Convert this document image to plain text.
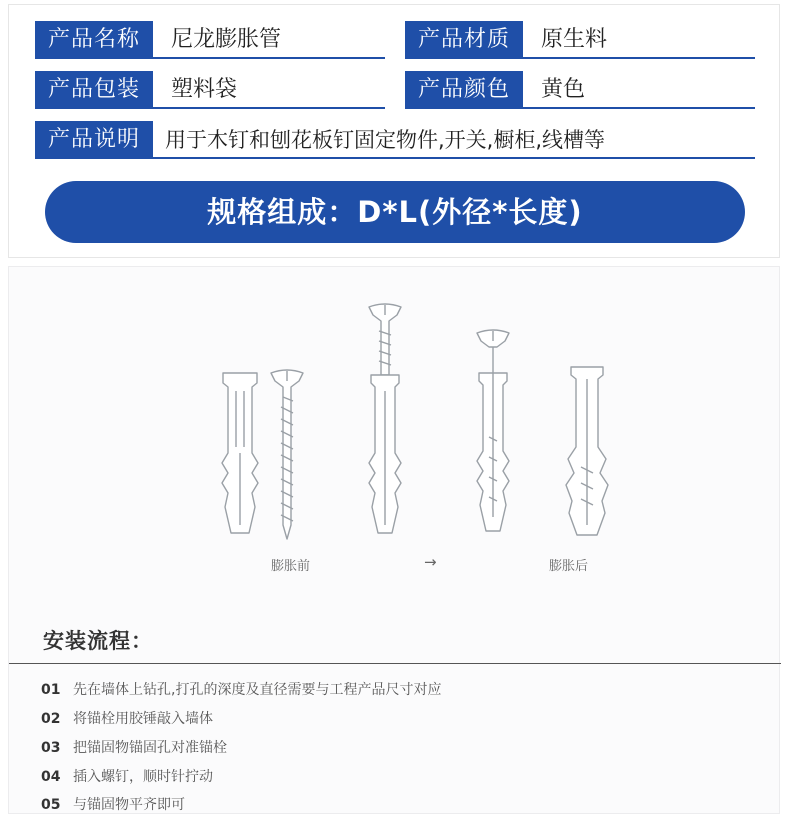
产品名称	尼龙膨胀管	产品材质	原生料
产品包装	塑料袋	产品颜色	黄色
产品说明	用于木钉和刨花板钉固定物件,开关,橱柜,线槽等
规格组成：D*L(外径*长度)
膨胀前	→	膨胀后
安装流程：
01 先在墙体上钻孔,打孔的深度及直径需要与工程产品尺寸对应
02 将锚栓用胶锤敲入墙体
03 把锚固物锚固孔对准锚栓
04 插入螺钉，顺时针拧动
05 与锚固物平齐即可
